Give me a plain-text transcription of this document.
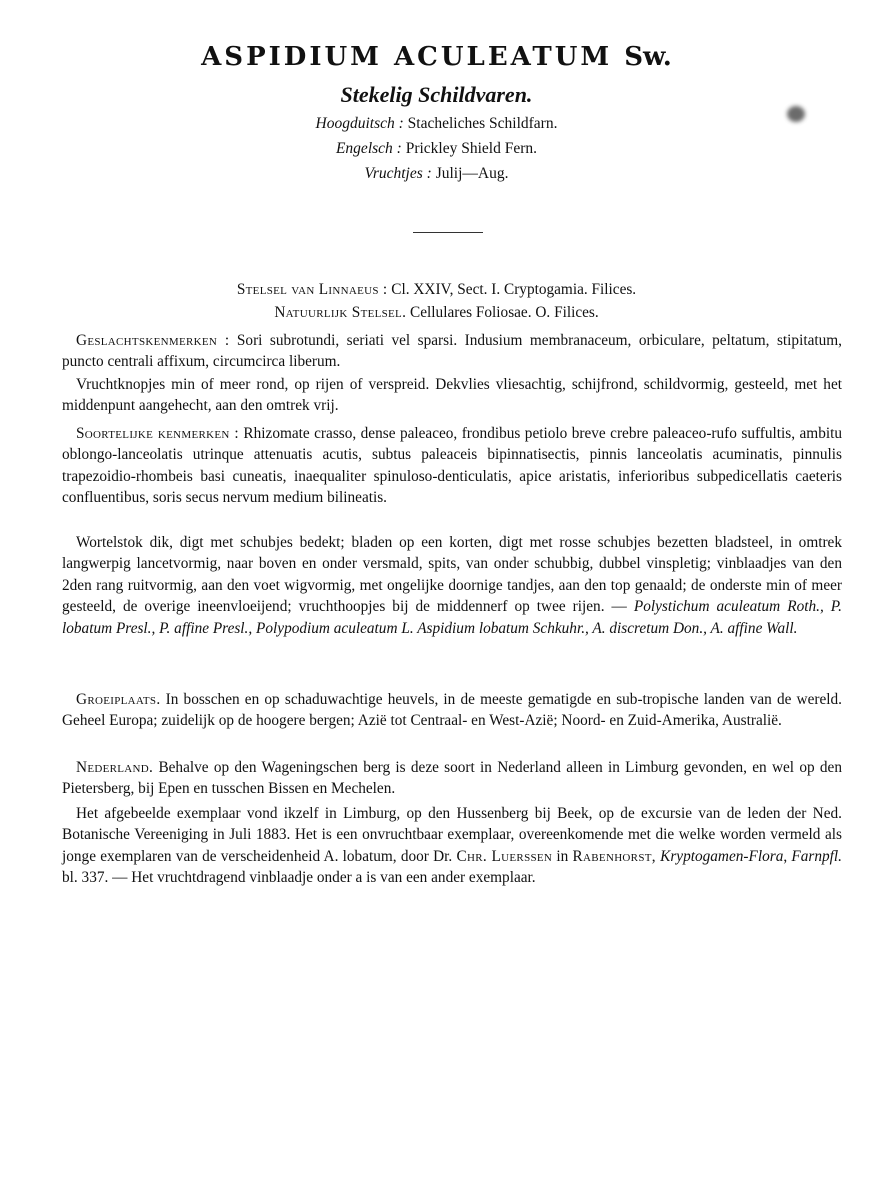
ASPIDIUM ACULEATUM Sw.

Stekelig Schildvaren.

Hoogduitsch : Stacheliches Schildfarn.

Engelsch : Prickley Shield Fern.

Vruchtjes : Julij—Aug.

Stelsel van Linnaeus : Cl. XXIV, Sect. I. Cryptogamia. Filices.

Natuurlijk Stelsel. Cellulares Foliosae. O. Filices.

Geslachtskenmerken : Sori subrotundi, seriati vel sparsi. Indusium membranaceum, orbiculare, peltatum, stipitatum, puncto centrali affixum, circumcirca liberum.

Vruchtknopjes min of meer rond, op rijen of verspreid. Dekvlies vliesachtig, schijfrond, schildvormig, gesteeld, met het middenpunt aangehecht, aan den omtrek vrij.

Soortelijke kenmerken : Rhizomate crasso, dense paleaceo, frondibus petiolo breve crebre paleaceo-rufo suffultis, ambitu oblongo-lanceolatis utrinque attenuatis acutis, subtus paleaceis bipinnatisectis, pinnis lanceolatis acuminatis, pinnulis trapezoidio-rhombeis basi cuneatis, inaequaliter spinuloso-denticulatis, apice aristatis, inferioribus subpedicellatis caeteris confluentibus, soris secus nervum medium bilineatis.

Wortelstok dik, digt met schubjes bedekt; bladen op een korten, digt met rosse schubjes bezetten bladsteel, in omtrek langwerpig lancetvormig, naar boven en onder versmald, spits, van onder schubbig, dubbel vinspletig; vinblaadjes van den 2den rang ruitvormig, aan den voet wigvormig, met ongelijke doornige tandjes, aan den top genaald; de onderste min of meer gesteeld, de overige ineenvloeijend; vruchthoopjes bij de middennerf op twee rijen. — Polystichum aculeatum Roth., P. lobatum Presl., P. affine Presl., Polypodium aculeatum L. Aspidium lobatum Schkuhr., A. discretum Don., A. affine Wall.

Groeiplaats. In bosschen en op schaduwachtige heuvels, in de meeste gematigde en sub-tropische landen van de wereld. Geheel Europa; zuidelijk op de hoogere bergen; Azië tot Centraal- en West-Azië; Noord- en Zuid-Amerika, Australië.

Nederland. Behalve op den Wageningschen berg is deze soort in Nederland alleen in Limburg gevonden, en wel op den Pietersberg, bij Epen en tusschen Bissen en Mechelen.

Het afgebeelde exemplaar vond ikzelf in Limburg, op den Hussenberg bij Beek, op de excursie van de leden der Ned. Botanische Vereeniging in Juli 1883. Het is een onvruchtbaar exemplaar, overeenkomende met die welke worden vermeld als jonge exemplaren van de verscheidenheid A. lobatum, door Dr. Chr. Luerssen in Rabenhorst, Kryptogamen-Flora, Farnpfl. bl. 337. — Het vruchtdragend vinblaadje onder a is van een ander exemplaar.
